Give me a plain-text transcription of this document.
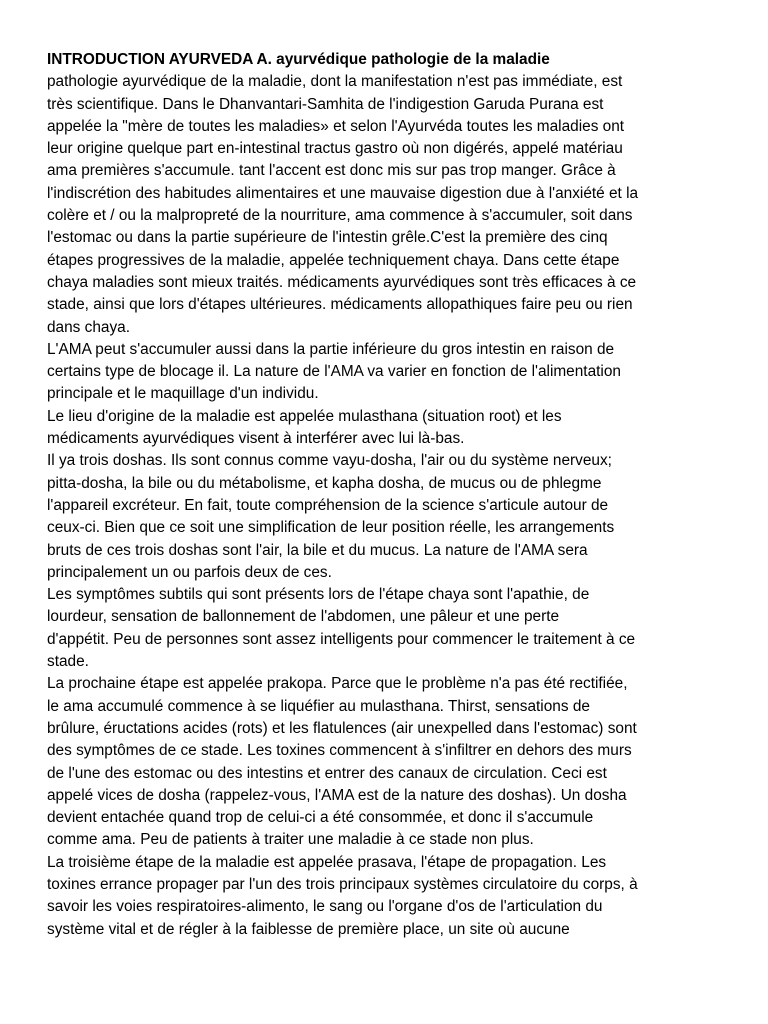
INTRODUCTION AYURVEDA A. ayurvédique pathologie de la maladie
pathologie ayurvédique de la maladie, dont la manifestation n'est pas immédiate, est
très scientifique. Dans le Dhanvantari-Samhita de l'indigestion Garuda Purana est
appelée la "mère de toutes les maladies» et selon l'Ayurvéda toutes les maladies ont
leur origine quelque part en-intestinal tractus gastro où non digérés, appelé matériau
ama premières s'accumule. tant l'accent est donc mis sur pas trop manger. Grâce à
l'indiscrétion des habitudes alimentaires et une mauvaise digestion due à l'anxiété et la
colère et / ou la malpropreté de la nourriture, ama commence à s'accumuler, soit dans
l'estomac ou dans la partie supérieure de l'intestin grêle.C'est la première des cinq
étapes progressives de la maladie, appelée techniquement chaya. Dans cette étape
chaya maladies sont mieux traités. médicaments ayurvédiques sont très efficaces à ce
stade, ainsi que lors d'étapes ultérieures. médicaments allopathiques faire peu ou rien
dans chaya.
L'AMA peut s'accumuler aussi dans la partie inférieure du gros intestin en raison de
certains type de blocage il. La nature de l'AMA va varier en fonction de l'alimentation
principale et le maquillage d'un individu.
Le lieu d'origine de la maladie est appelée mulasthana (situation root) et les
médicaments ayurvédiques visent à interférer avec lui là-bas.
Il ya trois doshas. Ils sont connus comme vayu-dosha, l'air ou du système nerveux;
pitta-dosha, la bile ou du métabolisme, et kapha dosha, de mucus ou de phlegme
l'appareil excréteur. En fait, toute compréhension de la science s'articule autour de
ceux-ci. Bien que ce soit une simplification de leur position réelle, les arrangements
bruts de ces trois doshas sont l'air, la bile et du mucus. La nature de l'AMA sera
principalement un ou parfois deux de ces.
Les symptômes subtils qui sont présents lors de l'étape chaya sont l'apathie, de
lourdeur, sensation de ballonnement de l'abdomen, une pâleur et une perte
d'appétit. Peu de personnes sont assez intelligents pour commencer le traitement à ce
stade.
La prochaine étape est appelée prakopa. Parce que le problème n'a pas été rectifiée,
le ama accumulé commence à se liquéfier au mulasthana. Thirst, sensations de
brûlure, éructations acides (rots) et les flatulences (air unexpelled dans l'estomac) sont
des symptômes de ce stade. Les toxines commencent à s'infiltrer en dehors des murs
de l'une des estomac ou des intestins et entrer des canaux de circulation. Ceci est
appelé vices de dosha (rappelez-vous, l'AMA est de la nature des doshas). Un dosha
devient entachée quand trop de celui-ci a été consommée, et donc il s'accumule
comme ama. Peu de patients à traiter une maladie à ce stade non plus.
La troisième étape de la maladie est appelée prasava, l'étape de propagation. Les
toxines errance propager par l'un des trois principaux systèmes circulatoire du corps, à
savoir les voies respiratoires-alimento, le sang ou l'organe d'os de l'articulation du
système vital et de régler à la faiblesse de première place, un site où aucune
